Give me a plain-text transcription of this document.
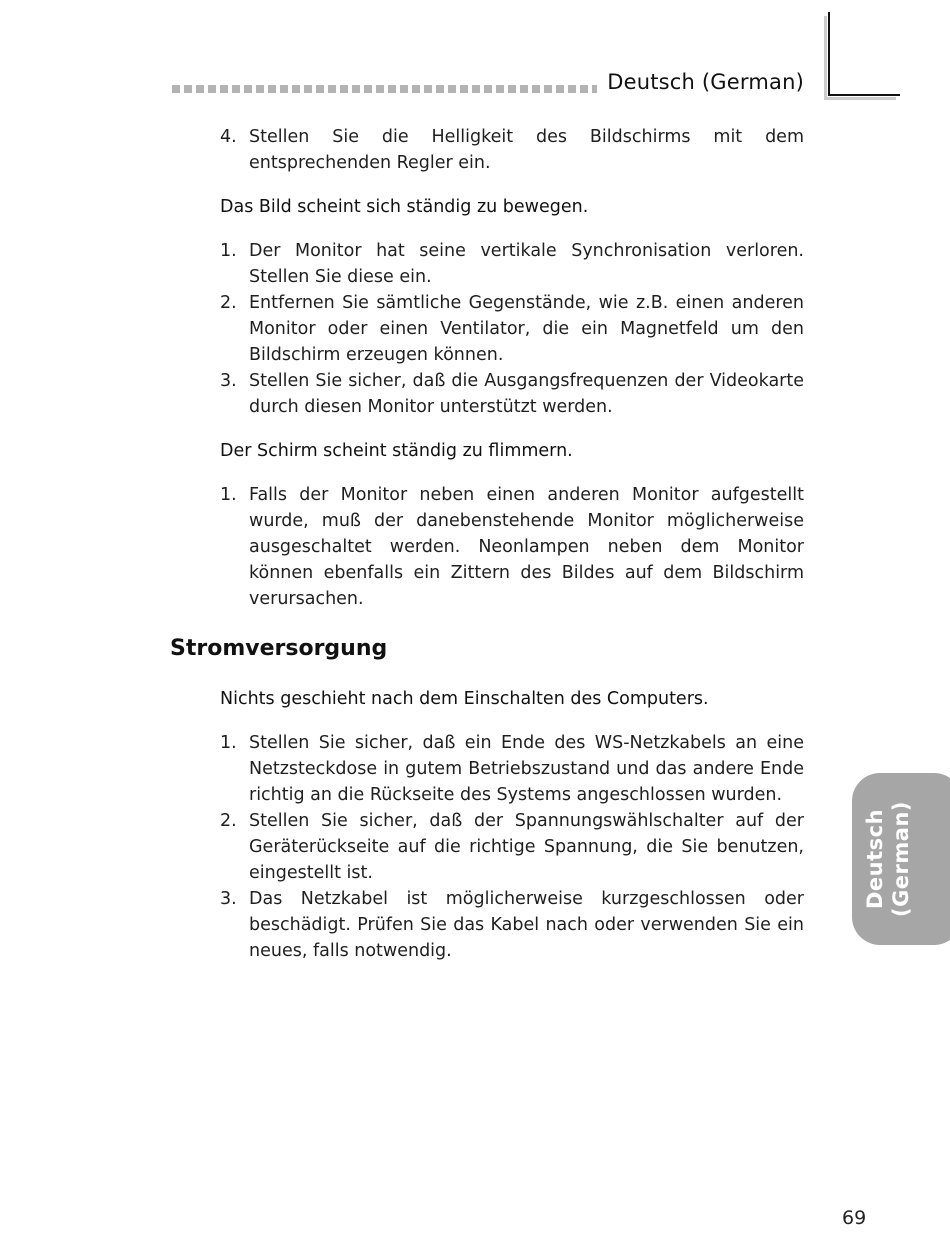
Deutsch (German)
4. Stellen Sie die Helligkeit des Bildschirms mit dem entsprechenden Regler ein.

Das Bild scheint sich ständig zu bewegen.

1. Der Monitor hat seine vertikale Synchronisation verloren. Stellen Sie diese ein.
2. Entfernen Sie sämtliche Gegenstände, wie z.B. einen anderen Monitor oder einen Ventilator, die ein Magnetfeld um den Bildschirm erzeugen können.
3. Stellen Sie sicher, daß die Ausgangsfrequenzen der Videokarte durch diesen Monitor unterstützt werden.

Der Schirm scheint ständig zu flimmern.

1. Falls der Monitor neben einen anderen Monitor aufgestellt wurde, muß der danebenstehende Monitor möglicherweise ausgeschaltet werden. Neonlampen neben dem Monitor können ebenfalls ein Zittern des Bildes auf dem Bildschirm verursachen.
Stromversorgung

Nichts geschieht nach dem Einschalten des Computers.

1. Stellen Sie sicher, daß ein Ende des WS-Netzkabels an eine Netzsteckdose in gutem Betriebszustand und das andere Ende richtig an die Rückseite des Systems angeschlossen wurden.
2. Stellen Sie sicher, daß der Spannungswählschalter auf der Geräterückseite auf die richtige Spannung, die Sie benutzen, eingestellt ist.
3. Das Netzkabel ist möglicherweise kurzgeschlossen oder beschädigt. Prüfen Sie das Kabel nach oder verwenden Sie ein neues, falls notwendig.
Deutsch (German)
69
